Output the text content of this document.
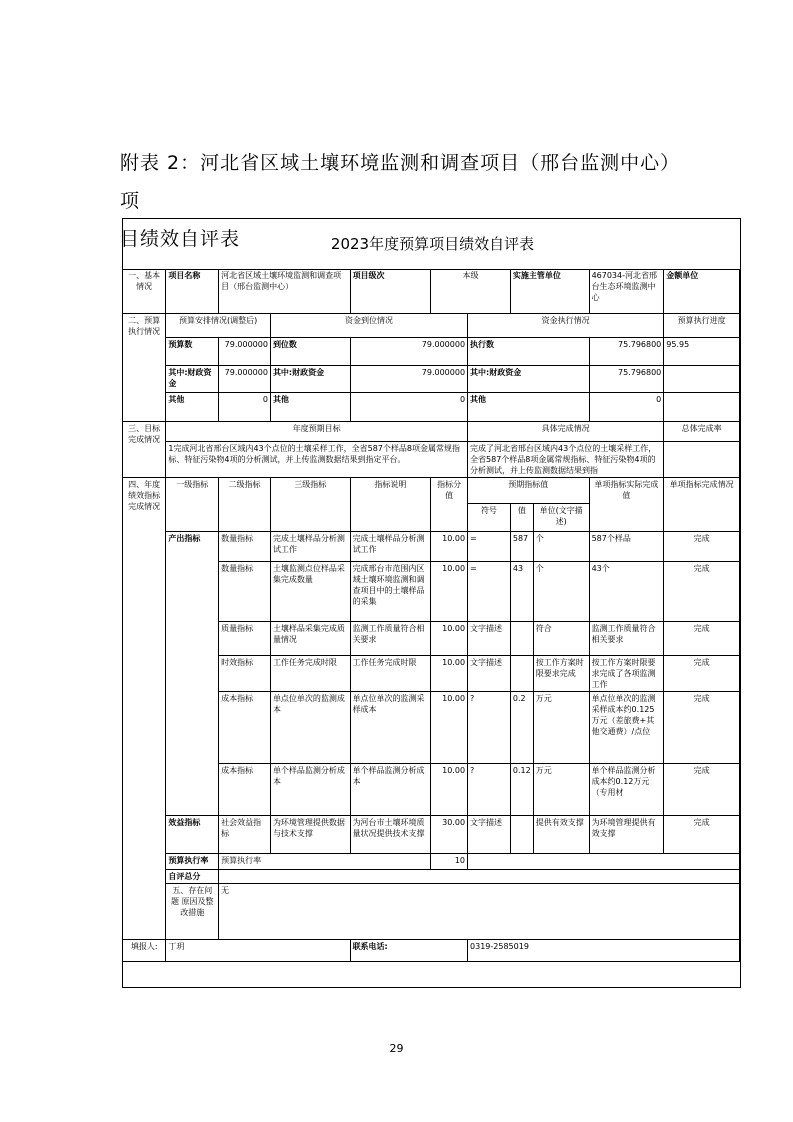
附表 2：河北省区域土壤环境监测和调查项目（邢台监测中心）项
目绩效自评表	2023年度预算项目绩效自评表
一、基本情况	项目名称	河北省区域土壤环境监测和调查项目（邢台监测中心）		项目级次	本级		实施主管单位		467034-河北省邢台生态环境监测中心	金额单位
二、预算执行情况	预算安排情况(调整后)		资金到位情况			资金执行情况				预算执行进度
	预算数	79.000000	到位数	79.000000		执行数			75.796800	95.95
	其中:财政资金	79.000000	其中:财政资金	79.000000		其中:财政资金			75.796800	
	其他	0	其他	0		其他			0	
三、目标完成情况	年度预期目标					具体完成情况				总体完成率
	1完成河北省邢台区域内43个点位的土壤采样工作，全省587个样品8项金属常规指标、特征污染物4项的分析测试，并上传监测数据结果到指定平台。					完成了河北省邢台区域内43个点位的土壤采样工作，全省587个样品8项金属常规指标、特征污染物4项的分析测试，并上传监测数据结果到指				
四、年度绩效指标完成情况	一级指标	二级指标	三级指标	指标说明	指标分值	预期指标值			单项指标实际完成值	单项指标完成情况
						符号	值	单位(文字描述)		
	产出指标	数量指标	完成土壤样品分析测试工作	完成土壤样品分析测试工作	10.00	=	587	个	587个样品	完成
		数量指标	土壤监测点位样品采集完成数量	完成邢台市范围内区域土壤环境监测和调查项目中的土壤样品的采集	10.00	=	43	个	43个	完成
		质量指标	土壤样品采集完成质量情况	监测工作质量符合相关要求	10.00	文字描述		符合	监测工作质量符合相关要求	完成
		时效指标	工作任务完成时限	工作任务完成时限	10.00	文字描述		按工作方案时限要求完成	按工作方案时限要求完成了各项监测工作	完成
		成本指标	单点位单次的监测成本	单点位单次的监测采样成本	10.00	?	0.2	万元	单点位单次的监测采样成本约0.125万元（差旅费+其他交通费）/点位	完成
		成本指标	单个样品监测分析成本	单个样品监测分析成本	10.00	?	0.12	万元	单个样品监测分析成本约0.12万元（专用材	完成
	效益指标	社会效益指标	为环境管理提供数据与技术支撑	为河台市土壤环境质量状况提供技术支撑	30.00	文字描述		提供有效支撑	为环境管理提供有效支撑	完成
	预算执行率	预算执行率			10					
	自评总分									
	五、存在问题 原因及整改措施	无								
填报人:	丁玥			联系电话:		0319-2585019				
29
